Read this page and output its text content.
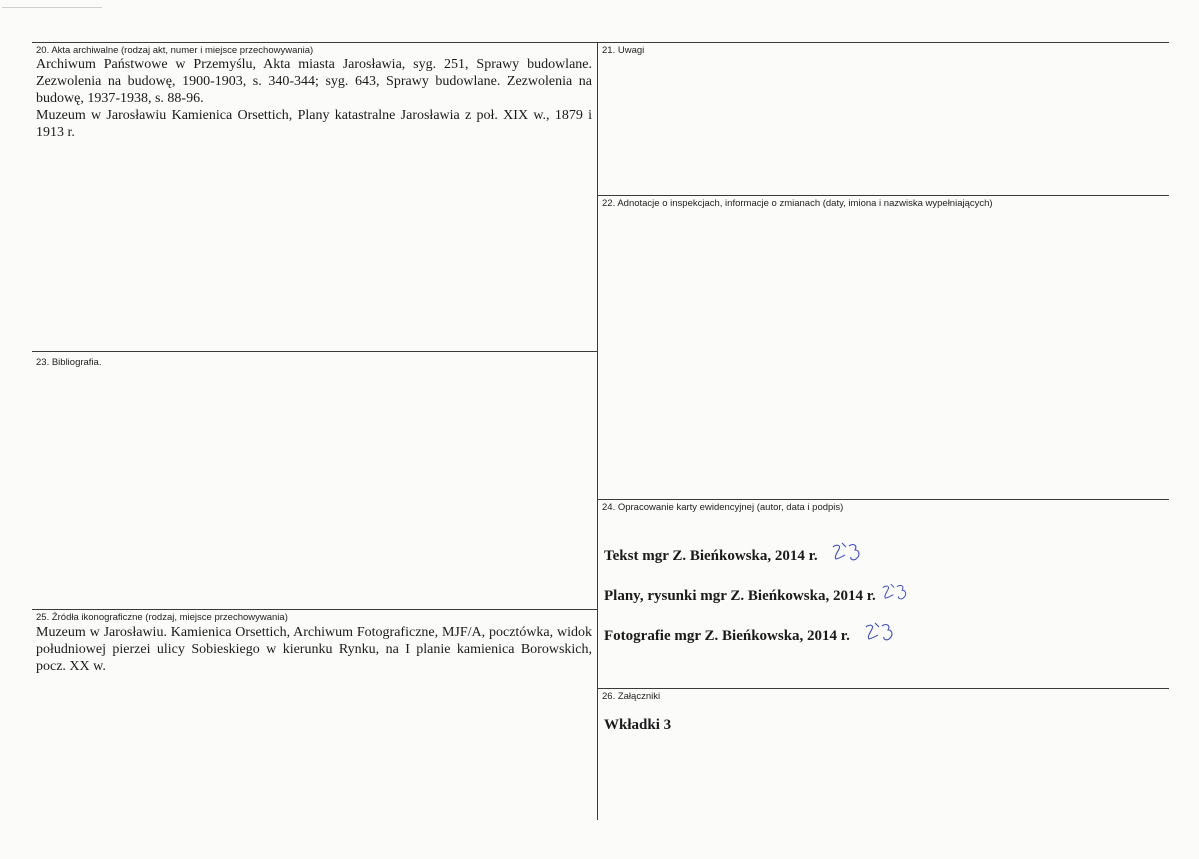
20. Akta archiwalne (rodzaj akt, numer i miejsce przechowywania)

Archiwum Państwowe w Przemyślu, Akta miasta Jarosławia, syg. 251, Sprawy budowlane. Zezwolenia na budowę, 1900-1903, s. 340-344; syg. 643, Sprawy budowlane. Zezwolenia na budowę, 1937-1938, s. 88-96.

Muzeum w Jarosławiu Kamienica Orsettich, Plany katastralne Jarosławia z poł. XIX w., 1879 i 1913 r.

21. Uwagi
22. Adnotacje o inspekcjach, informacje o zmianach (daty, imiona i nazwiska wypełniających)
23. Bibliografia.
24. Opracowanie karty ewidencyjnej (autor, data i podpis)
Tekst mgr Z. Bieńkowska, 2014 r.
Plany, rysunki mgr Z. Bieńkowska, 2014 r.
Fotografie mgr Z. Bieńkowska, 2014 r.
25. Źródła ikonograficzne (rodzaj, miejsce przechowywania)
Muzeum w Jarosławiu. Kamienica Orsettich, Archiwum Fotograficzne, MJF/A, pocztówka, widok południowej pierzei ulicy Sobieskiego w kierunku Rynku, na I planie kamienica Borowskich, pocz. XX w.
26. Załączniki
Wkładki 3
